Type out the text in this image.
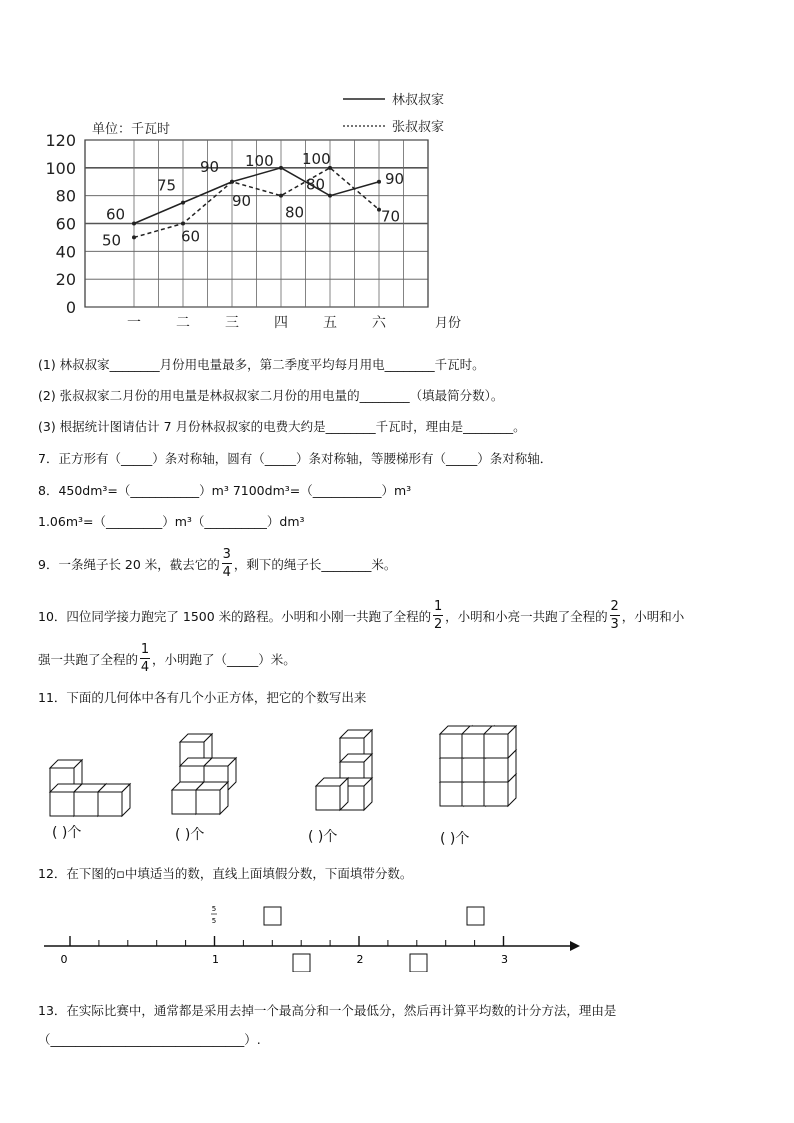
0
20
40
60
80
100
120
一	二	三	四	五	六
单位：千瓦时
月份
林叔叔家
张叔叔家
60
75
90 100
80	90
50	60
90
80
100
70
(1) 林叔叔家________月份用电量最多，第二季度平均每月用电________千瓦时。
(2) 张叔叔家二月份的用电量是林叔叔家二月份的用电量的________（填最简分数）。
(3) 根据统计图请估计 7 月份林叔叔家的电费大约是________千瓦时，理由是________。
7．正方形有（_____）条对称轴，圆有（_____）条对称轴，等腰梯形有（_____）条对称轴．
8．450dm³=（___________）m³ 7100dm³=（___________）m³
1.06m³=（_________）m³（__________）dm³
9．一条绳子长 20 米，截去它的 $\frac{3}{4}$ ，剩下的绳子长________米。
10．四位同学接力跑完了 1500 米的路程。小明和小刚一共跑了全程的 $\frac{1}{2}$ ，小明和小亮一共跑了全程的 $\frac{2}{3}$ ，小明和小
强一共跑了全程的 $\frac{1}{4}$ ，小明跑了（_____）米。
11．下面的几何体中各有几个小正方体，把它的个数写出来
( )个	( )个	( )个	( )个
12．在下图的▫中填适当的数，直线上面填假分数，下面填带分数。
0	1	2	3
5
5
13．在实际比赛中，通常都是采用去掉一个最高分和一个最低分，然后再计算平均数的计分方法，理由是
（_______________________________）.
